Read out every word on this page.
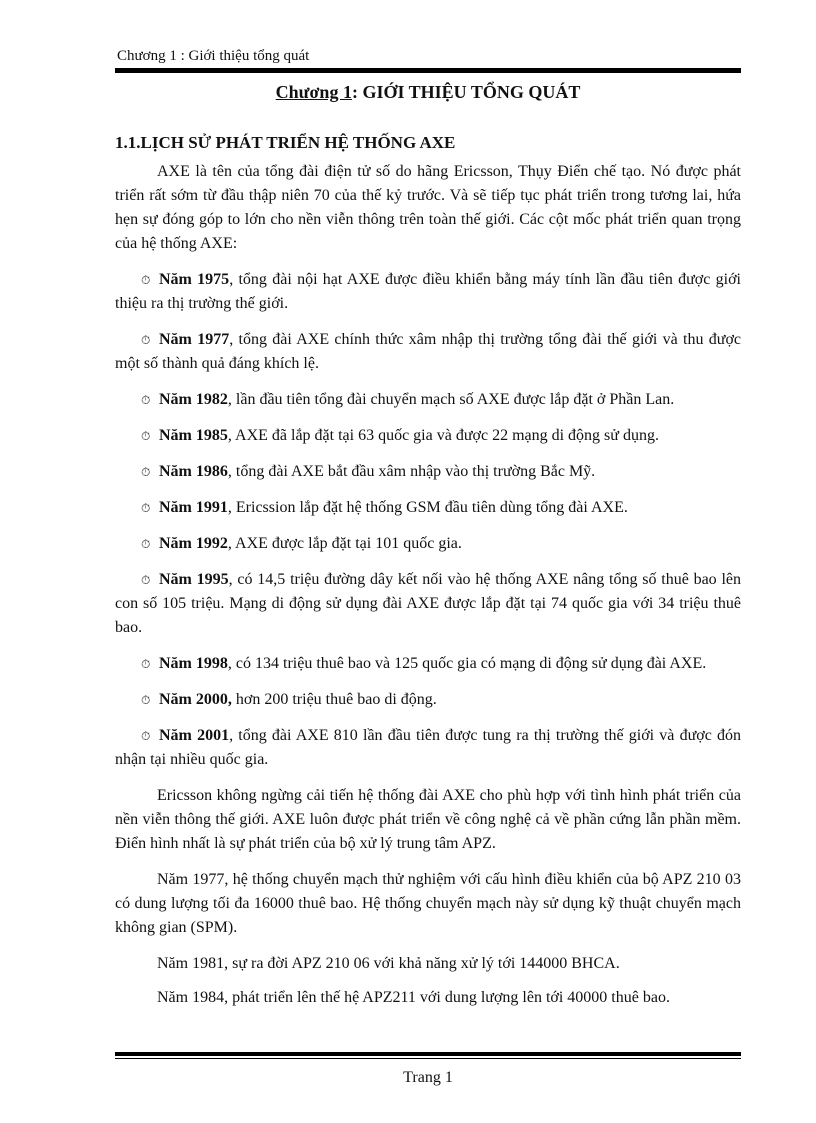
Chương 1 : Giới thiệu tổng quát
Chương 1: GIỚI THIỆU TỔNG QUÁT
1.1.LỊCH SỬ PHÁT TRIỂN HỆ THỐNG AXE

AXE là tên của tổng đài điện tử số do hãng Ericsson, Thụy Điển chế tạo. Nó được phát triển rất sớm từ đầu thập niên 70 của thế kỷ trước. Và sẽ tiếp tục phát triển trong tương lai, hứa hẹn sự đóng góp to lớn cho nền viễn thông trên toàn thế giới. Các cột mốc phát triển quan trọng của hệ thống AXE:

⏱ Năm 1975, tổng đài nội hạt AXE được điều khiển bằng máy tính lần đầu tiên được giới thiệu ra thị trường thế giới.

⏱ Năm 1977, tổng đài AXE chính thức xâm nhập thị trường tổng đài thế giới và thu được một số thành quả đáng khích lệ.

⏱ Năm 1982, lần đầu tiên tổng đài chuyển mạch số AXE được lắp đặt ở Phần Lan.

⏱ Năm 1985, AXE đã lắp đặt tại 63 quốc gia và được 22 mạng di động sử dụng.

⏱ Năm 1986, tổng đài AXE bắt đầu xâm nhập vào thị trường Bắc Mỹ.

⏱ Năm 1991, Ericssion lắp đặt hệ thống GSM đầu tiên dùng tổng đài AXE.

⏱ Năm 1992, AXE được lắp đặt tại 101 quốc gia.

⏱ Năm 1995, có 14,5 triệu đường dây kết nối vào hệ thống AXE nâng tổng số thuê bao lên con số 105 triệu. Mạng di động sử dụng đài AXE được lắp đặt tại 74 quốc gia với 34 triệu thuê bao.

⏱ Năm 1998, có 134 triệu thuê bao và 125 quốc gia có mạng di động sử dụng đài AXE.

⏱ Năm 2000, hơn 200 triệu thuê bao di động.

⏱ Năm 2001, tổng đài AXE 810 lần đầu tiên được tung ra thị trường thế giới và được đón nhận tại nhiều quốc gia.

Ericsson không ngừng cải tiến hệ thống đài AXE cho phù hợp với tình hình phát triển của nền viễn thông thế giới. AXE luôn được phát triển về công nghệ cả về phần cứng lẫn phần mềm. Điển hình nhất là sự phát triển của bộ xử lý trung tâm APZ.

Năm 1977, hệ thống chuyển mạch thử nghiệm với cấu hình điều khiển của bộ APZ 210 03 có dung lượng tối đa 16000 thuê bao. Hệ thống chuyển mạch này sử dụng kỹ thuật chuyển mạch không gian (SPM).

Năm 1981, sự ra đời APZ 210 06 với khả năng xử lý tới 144000 BHCA.

Năm 1984, phát triển lên thế hệ APZ211 với dung lượng lên tới 40000 thuê bao.

Trang 1
